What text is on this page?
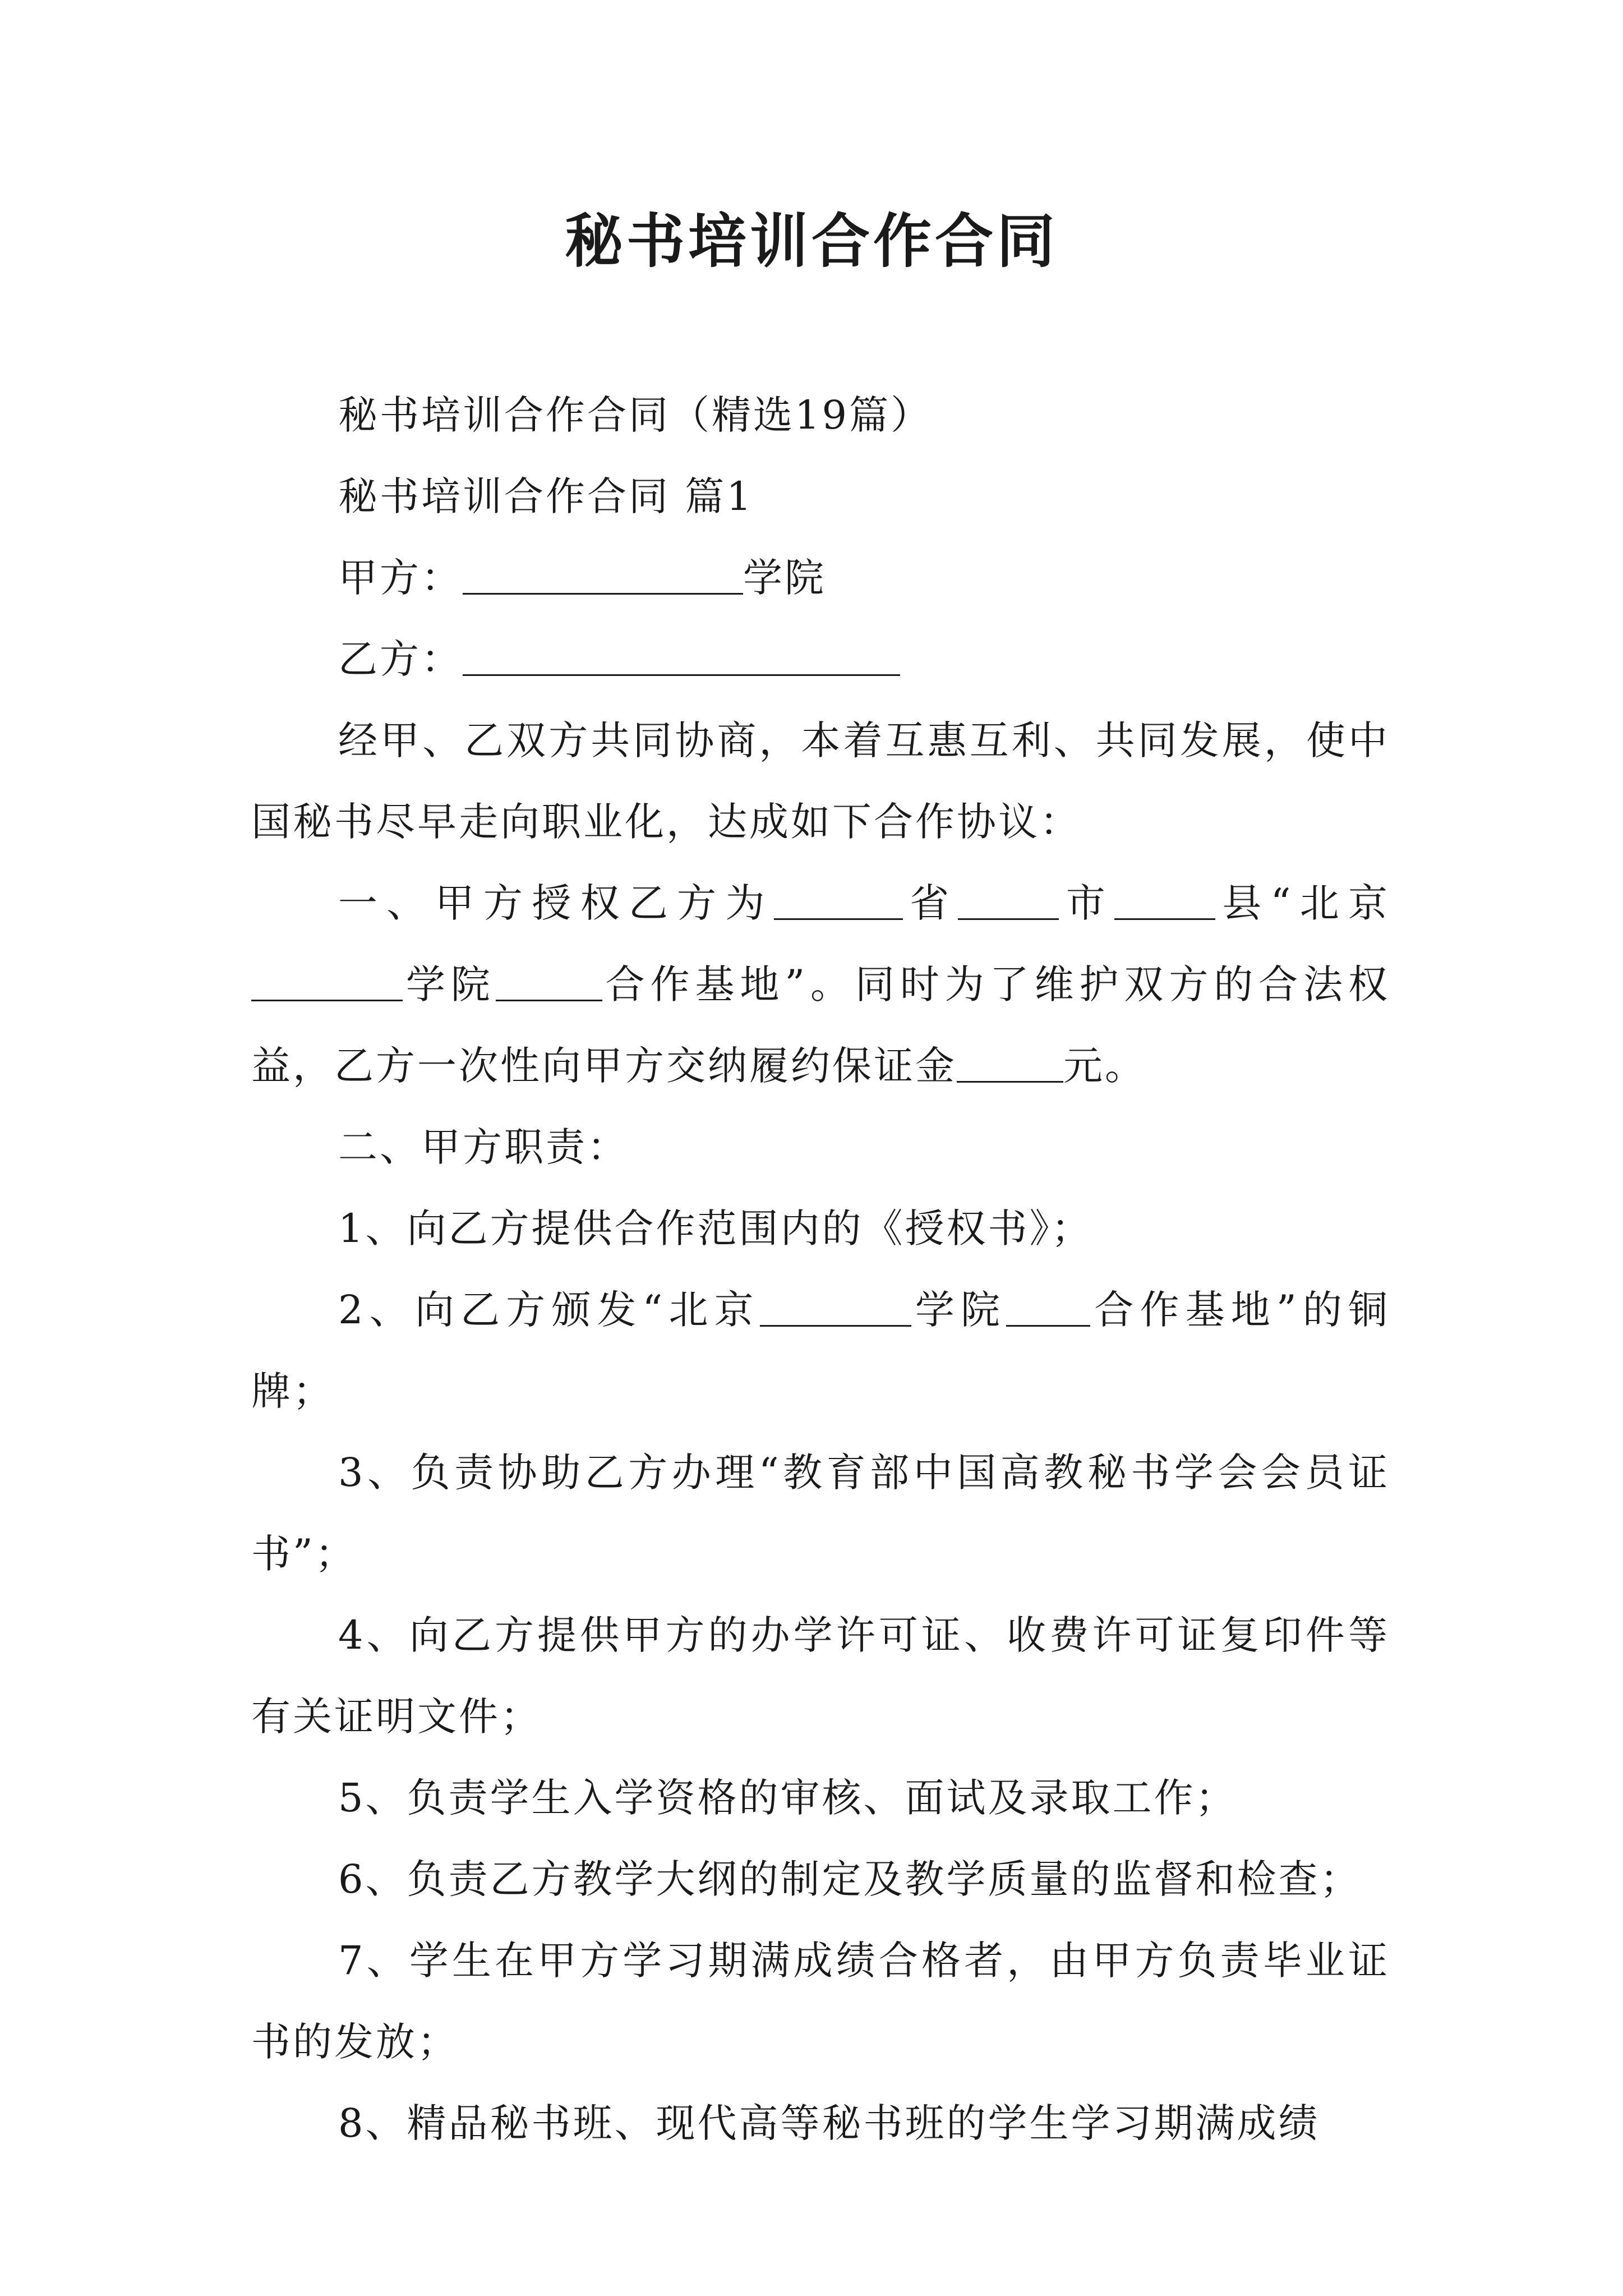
秘书培训合作合同

秘书培训合作合同（精选19篇）

秘书培训合作合同 篇1

甲方：	学院

乙方：

经甲、乙双方共同协商，本着互惠互利、共同发展，使中国秘书尽早走向职业化，达成如下合作协议：

一、甲方授权乙方为	省	市	县“北京学院	合作基地”。同时为了维护双方的合法权益，乙方一次性向甲方交纳履约保证金	元。

二、甲方职责：

1、向乙方提供合作范围内的《授权书》；

2、向乙方颁发“北京	学院 合作基地”的铜牌；

3、负责协助乙方办理“教育部中国高教秘书学会会员证书”；

4、向乙方提供甲方的办学许可证、收费许可证复印件等有关证明文件；

5、负责学生入学资格的审核、面试及录取工作；

6、负责乙方教学大纲的制定及教学质量的监督和检查；

7、学生在甲方学习期满成绩合格者，由甲方负责毕业证书的发放；

8、精品秘书班、现代高等秘书班的学生学习期满成绩
